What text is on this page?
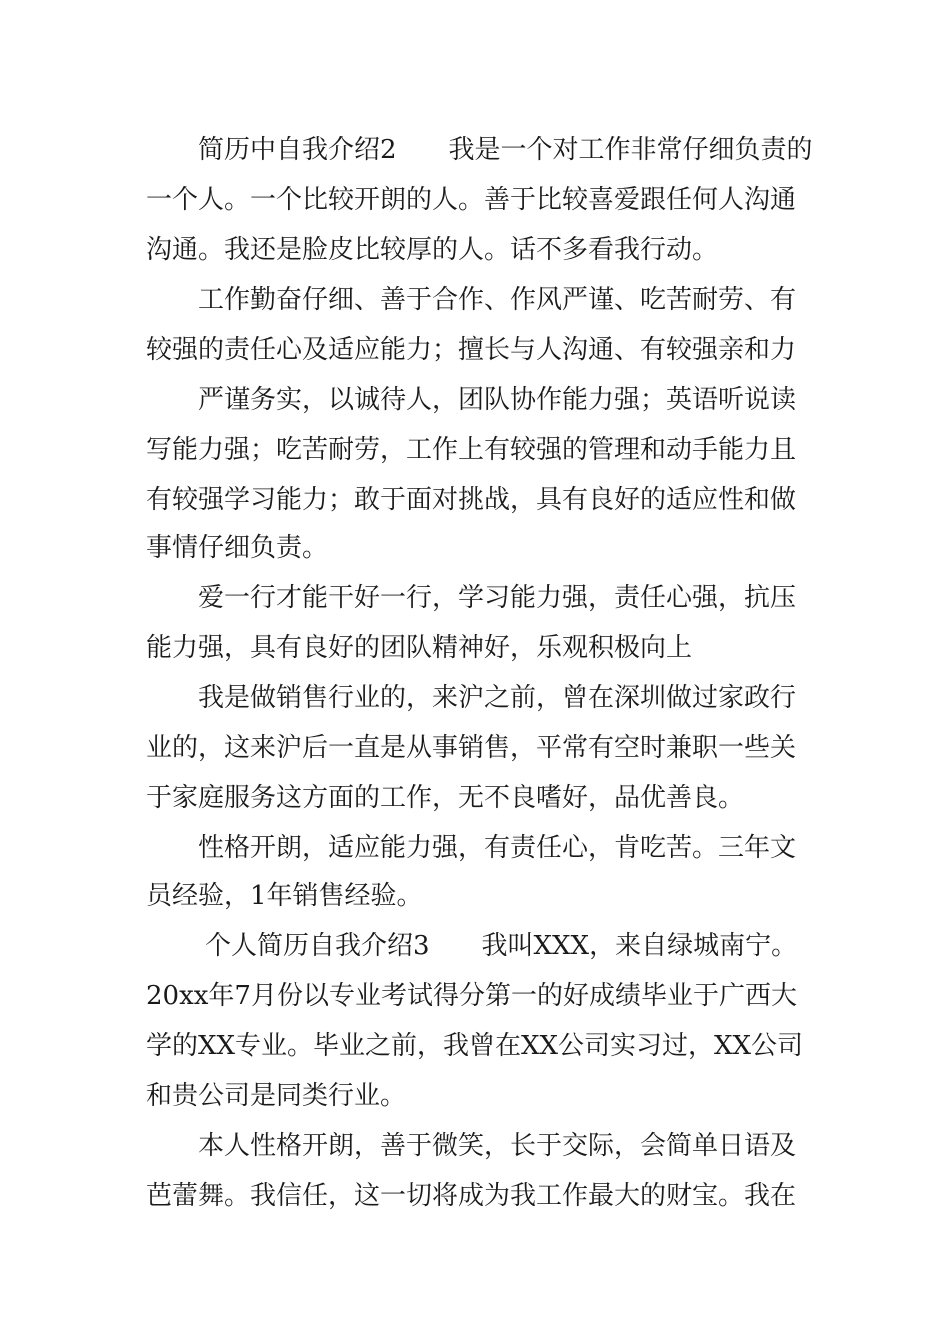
简历中自我介绍2　　我是一个对工作非常仔细负责的
一个人。一个比较开朗的人。善于比较喜爱跟任何人沟通
沟通。我还是脸皮比较厚的人。话不多看我行动。
工作勤奋仔细、善于合作、作风严谨、吃苦耐劳、有
较强的责任心及适应能力；擅长与人沟通、有较强亲和力
严谨务实，以诚待人，团队协作能力强；英语听说读
写能力强；吃苦耐劳，工作上有较强的管理和动手能力且
有较强学习能力；敢于面对挑战，具有良好的适应性和做
事情仔细负责。
爱一行才能干好一行，学习能力强，责任心强，抗压
能力强，具有良好的团队精神好，乐观积极向上
我是做销售行业的，来沪之前，曾在深圳做过家政行
业的，这来沪后一直是从事销售，平常有空时兼职一些关
于家庭服务这方面的工作，无不良嗜好，品优善良。
性格开朗，适应能力强，有责任心，肯吃苦。三年文
员经验，1年销售经验。
个人简历自我介绍3　　我叫XXX，来自绿城南宁。
20xx年7月份以专业考试得分第一的好成绩毕业于广西大
学的XX专业。毕业之前，我曾在XX公司实习过，XX公司
和贵公司是同类行业。
本人性格开朗，善于微笑，长于交际，会简单日语及
芭蕾舞。我信任，这一切将成为我工作最大的财宝。我在
